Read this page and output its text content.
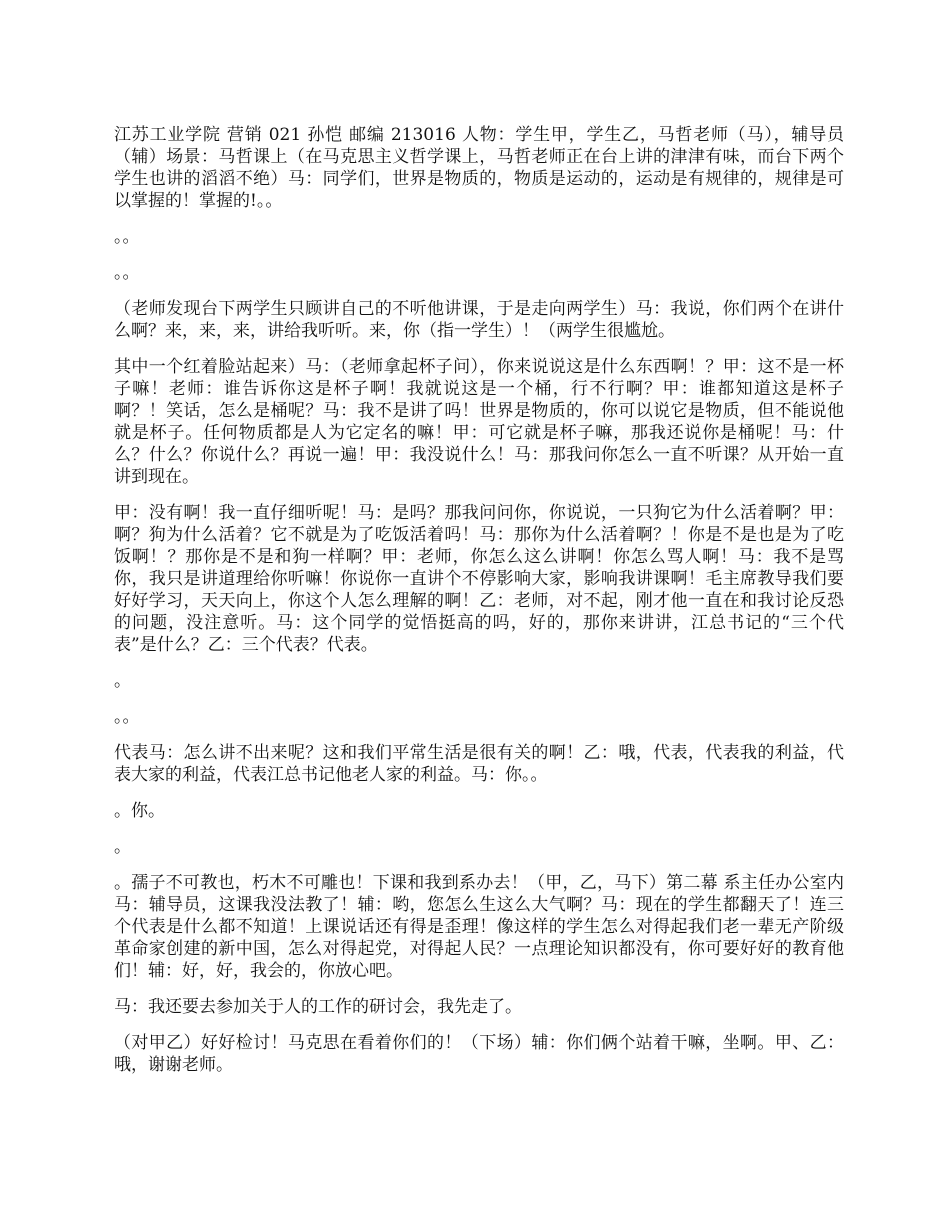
江苏工业学院 营销 021 孙恺 邮编 213016 人物：学生甲，学生乙，马哲老师（马），辅导员（辅）场景：马哲课上（在马克思主义哲学课上，马哲老师正在台上讲的津津有味，而台下两个学生也讲的滔滔不绝）马：同学们，世界是物质的，物质是运动的，运动是有规律的，规律是可以掌握的！掌握的!。。

。。

。。

（老师发现台下两学生只顾讲自己的不听他讲课，于是走向两学生）马：我说，你们两个在讲什么啊？来，来，来，讲给我听听。来，你（指一学生）！（两学生很尴尬。

其中一个红着脸站起来）马：（老师拿起杯子问），你来说说这是什么东西啊！？甲：这不是一杯子嘛！老师：谁告诉你这是杯子啊！我就说这是一个桶，行不行啊？甲：谁都知道这是杯子啊？！笑话，怎么是桶呢？马：我不是讲了吗！世界是物质的，你可以说它是物质，但不能说他就是杯子。任何物质都是人为它定名的嘛！甲：可它就是杯子嘛，那我还说你是桶呢！马：什么？什么？你说什么？再说一遍！甲：我没说什么！马：那我问你怎么一直不听课？从开始一直讲到现在。

甲：没有啊！我一直仔细听呢！马：是吗？那我问问你，你说说，一只狗它为什么活着啊？甲：啊？狗为什么活着？它不就是为了吃饭活着吗！马：那你为什么活着啊？！你是不是也是为了吃饭啊！？那你是不是和狗一样啊？甲：老师，你怎么这么讲啊！你怎么骂人啊！马：我不是骂你，我只是讲道理给你听嘛！你说你一直讲个不停影响大家，影响我讲课啊！毛主席教导我们要好好学习，天天向上，你这个人怎么理解的啊！乙：老师，对不起，刚才他一直在和我讨论反恐的问题，没注意听。马：这个同学的觉悟挺高的吗，好的，那你来讲讲，江总书记的“三个代表”是什么？乙：三个代表？代表。

。

。。

代表马：怎么讲不出来呢？这和我们平常生活是很有关的啊！乙：哦，代表，代表我的利益，代表大家的利益，代表江总书记他老人家的利益。马：你。。

。你。

。

。孺子不可教也，朽木不可雕也！下课和我到系办去！（甲，乙，马下）第二幕 系主任办公室内马：辅导员，这课我没法教了！辅：哟，您怎么生这么大气啊？马：现在的学生都翻天了！连三个代表是什么都不知道！上课说话还有得是歪理！像这样的学生怎么对得起我们老一辈无产阶级革命家创建的新中国，怎么对得起党，对得起人民？一点理论知识都没有，你可要好好的教育他们！辅：好，好，我会的，你放心吧。

马：我还要去参加关于人的工作的研讨会，我先走了。

（对甲乙）好好检讨！马克思在看着你们的！（下场）辅：你们俩个站着干嘛，坐啊。甲、乙：哦，谢谢老师。
